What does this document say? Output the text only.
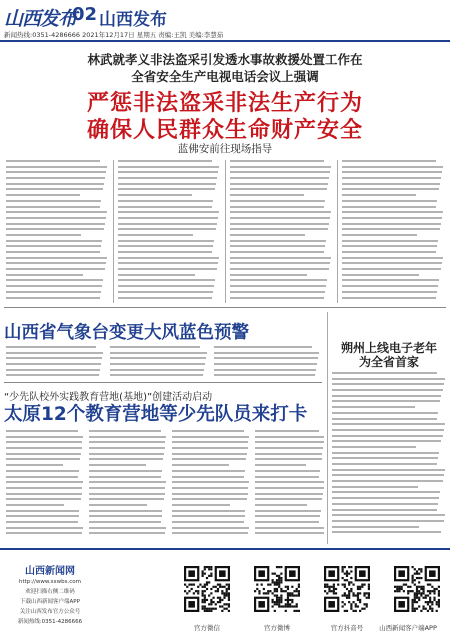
山西发布
02 山西发布
新闻热线:0351-4286666 2021年12月17日 星期五 责编:王凯 美编:李慧茹
林武就孝义非法盗采引发透水事故救援处置工作在
全省安全生产电视电话会议上强调
严惩非法盗采非法生产行为
确保人民群众生命财产安全
蓝佛安前往现场指导
山西省气象台变更大风蓝色预警
“少先队校外实践教育营地(基地)”创建活动启动
太原12个教育营地等少先队员来打卡
朔州上线电子老年
为全省首家
山西新闻网
http://www.sxwbs.com
欢迎扫描右侧二维码
下载山西新闻客户端APP
关注山西发布官方公众号
新闻热线:0351-4286666
官方微信	官方微博	官方抖音号	山西新闻客户端APP
